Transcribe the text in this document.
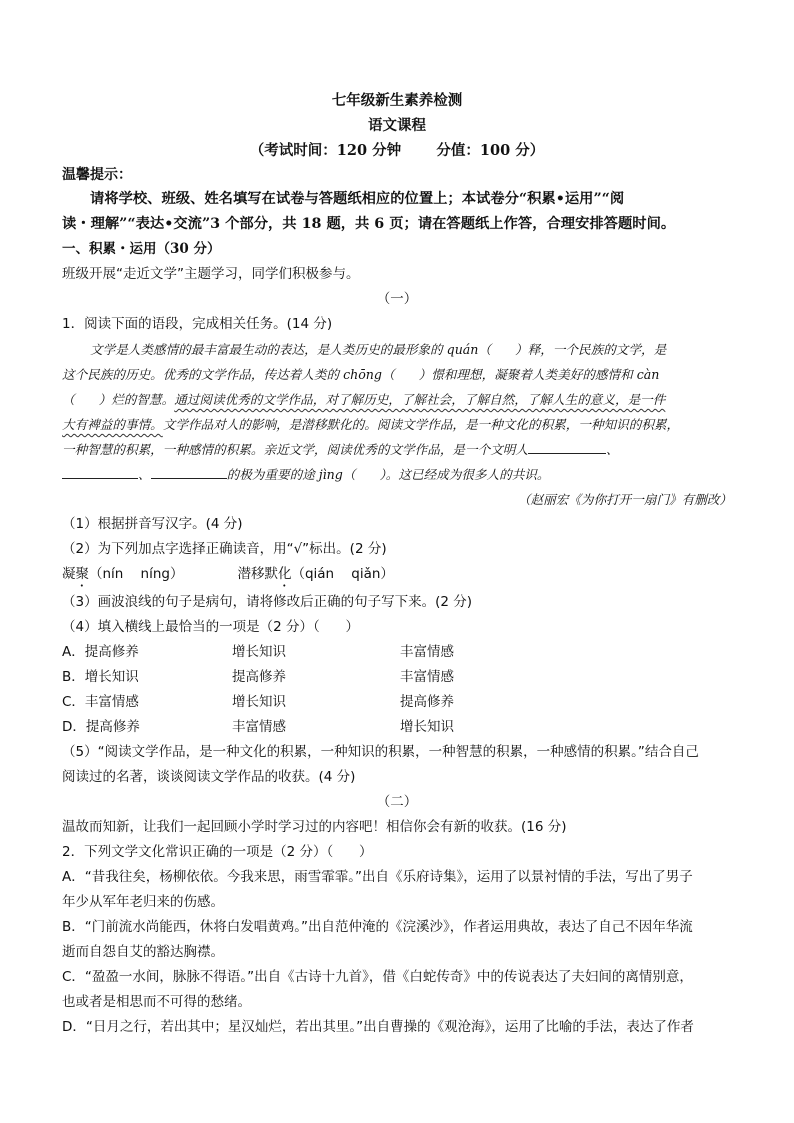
七年级新生素养检测
语文课程
（考试时间：120 分钟       分值：100 分）
温馨提示：
请将学校、班级、姓名填写在试卷与答题纸相应的位置上；本试卷分“积累•运用”“阅
读・理解”“表达•交流”3 个部分，共 18 题，共 6 页；请在答题纸上作答，合理安排答题时间。
一、积累・运用（30 分）
班级开展“走近文学”主题学习，同学们积极参与。
（一）
1．阅读下面的语段，完成相关任务。(14 分)
文学是人类感情的最丰富最生动的表达，是人类历史的最形象的 quán（      ）释，一个民族的文学，是
这个民族的历史。优秀的文学作品，传达着人类的 chōng（      ）憬和理想，凝聚着人类美好的感情和 càn
（      ）烂的智慧。通过阅读优秀的文学作品，对了解历史，了解社会，了解自然，了解人生的意义，是一件
大有裨益的事情。文学作品对人的影响，是潜移默化的。阅读文学作品，是一种文化的积累，一种知识的积累，
一种智慧的积累，一种感情的积累。亲近文学，阅读优秀的文学作品，是一个文明人	、
、	的极为重要的途 jìng（      ）。这已经成为很多人的共识。
（赵丽宏《为你打开一扇门》有删改）
（1）根据拼音写汉字。(4 分)
（2）为下列加点字选择正确读音，用“√”标出。(2 分)
凝聚（nín    níng）	潜移默化（qián    qiǎn）
（3）画波浪线的句子是病句，请将修改后正确的句子写下来。(2 分)
（4）填入横线上最恰当的一项是（2 分）（      ）
A．提高修养	增长知识	丰富情感
B．增长知识	提高修养	丰富情感
C．丰富情感	增长知识	提高修养
D．提高修养	丰富情感	增长知识
（5）“阅读文学作品，是一种文化的积累，一种知识的积累，一种智慧的积累，一种感情的积累。”结合自己
阅读过的名著，谈谈阅读文学作品的收获。(4 分)
（二）
温故而知新，让我们一起回顾小学时学习过的内容吧！相信你会有新的收获。(16 分)
2．下列文学文化常识正确的一项是（2 分）（      ）
A．“昔我往矣，杨柳依依。今我来思，雨雪霏霏。”出自《乐府诗集》，运用了以景衬情的手法，写出了男子
年少从军年老归来的伤感。
B．“门前流水尚能西，休将白发唱黄鸡。”出自范仲淹的《浣溪沙》，作者运用典故，表达了自己不因年华流
逝而自怨自艾的豁达胸襟。
C．“盈盈一水间，脉脉不得语。”出自《古诗十九首》，借《白蛇传奇》中的传说表达了夫妇间的离情别意，
也或者是相思而不可得的愁绪。
D．“日月之行，若出其中；星汉灿烂，若出其里。”出自曹操的《观沧海》，运用了比喻的手法，表达了作者
